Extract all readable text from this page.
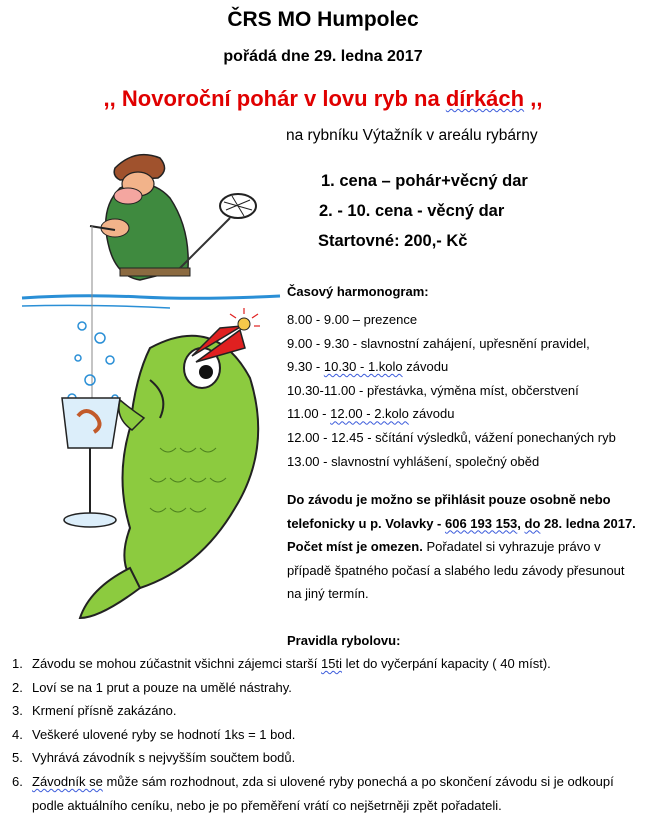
ČRS MO Humpolec
pořádá dne 29. ledna 2017
,, Novoroční pohár v lovu ryb na dírkách ,,
na rybníku Výtažník v areálu rybárny
1. cena – pohár+věcný dar
2. - 10. cena - věcný dar
Startovné: 200,- Kč
Časový harmonogram:
8.00 - 9.00 – prezence
9.00 - 9.30 - slavnostní zahájení, upřesnění pravidel,
9.30 - 10.30 - 1.kolo závodu
10.30-11.00 - přestávka, výměna míst, občerstvení
11.00 - 12.00 - 2.kolo závodu
12.00 - 12.45 - sčítání výsledků, vážení ponechaných ryb
13.00 - slavnostní vyhlášení, společný oběd
Do závodu je možno se přihlásit pouze osobně nebo telefonicky u p. Volavky - 606 193 153, do 28. ledna 2017. Počet míst je omezen. Pořadatel si vyhrazuje právo v případě špatného počasí a slabého ledu závody přesunout na jiný termín.
Pravidla rybolovu:
1. Závodu se mohou zúčastnit všichni zájemci starší 15ti let do vyčerpání kapacity ( 40 míst).
2. Loví se na 1 prut a pouze na umělé nástrahy.
3. Krmení přísně zakázáno.
4. Veškeré ulovené ryby se hodnotí 1ks = 1 bod.
5. Vyhrává závodník s nejvyšším součtem bodů.
6. Závodník se může sám rozhodnout, zda si ulovené ryby ponechá a po skončení závodu si je odkoupí podle aktuálního ceníku, nebo je po přeměření vrátí co nejšetrněji zpět pořadateli.
